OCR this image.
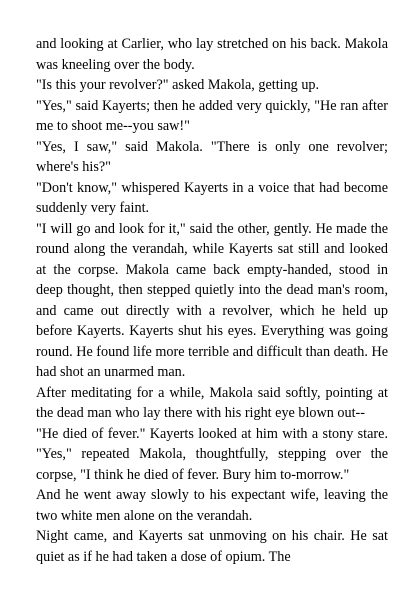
and looking at Carlier, who lay stretched on his back. Makola was kneeling over the body.

"Is this your revolver?" asked Makola, getting up.

"Yes," said Kayerts; then he added very quickly, "He ran after me to shoot me--you saw!"

"Yes, I saw," said Makola. "There is only one revolver; where's his?"

"Don't know," whispered Kayerts in a voice that had become suddenly very faint.

"I will go and look for it," said the other, gently. He made the round along the verandah, while Kayerts sat still and looked at the corpse. Makola came back empty-handed, stood in deep thought, then stepped quietly into the dead man's room, and came out directly with a revolver, which he held up before Kayerts. Kayerts shut his eyes. Everything was going round. He found life more terrible and difficult than death. He had shot an unarmed man.

After meditating for a while, Makola said softly, pointing at the dead man who lay there with his right eye blown out--

"He died of fever." Kayerts looked at him with a stony stare. "Yes," repeated Makola, thoughtfully, stepping over the corpse, "I think he died of fever. Bury him to-morrow."

And he went away slowly to his expectant wife, leaving the two white men alone on the verandah.

Night came, and Kayerts sat unmoving on his chair. He sat quiet as if he had taken a dose of opium. The
